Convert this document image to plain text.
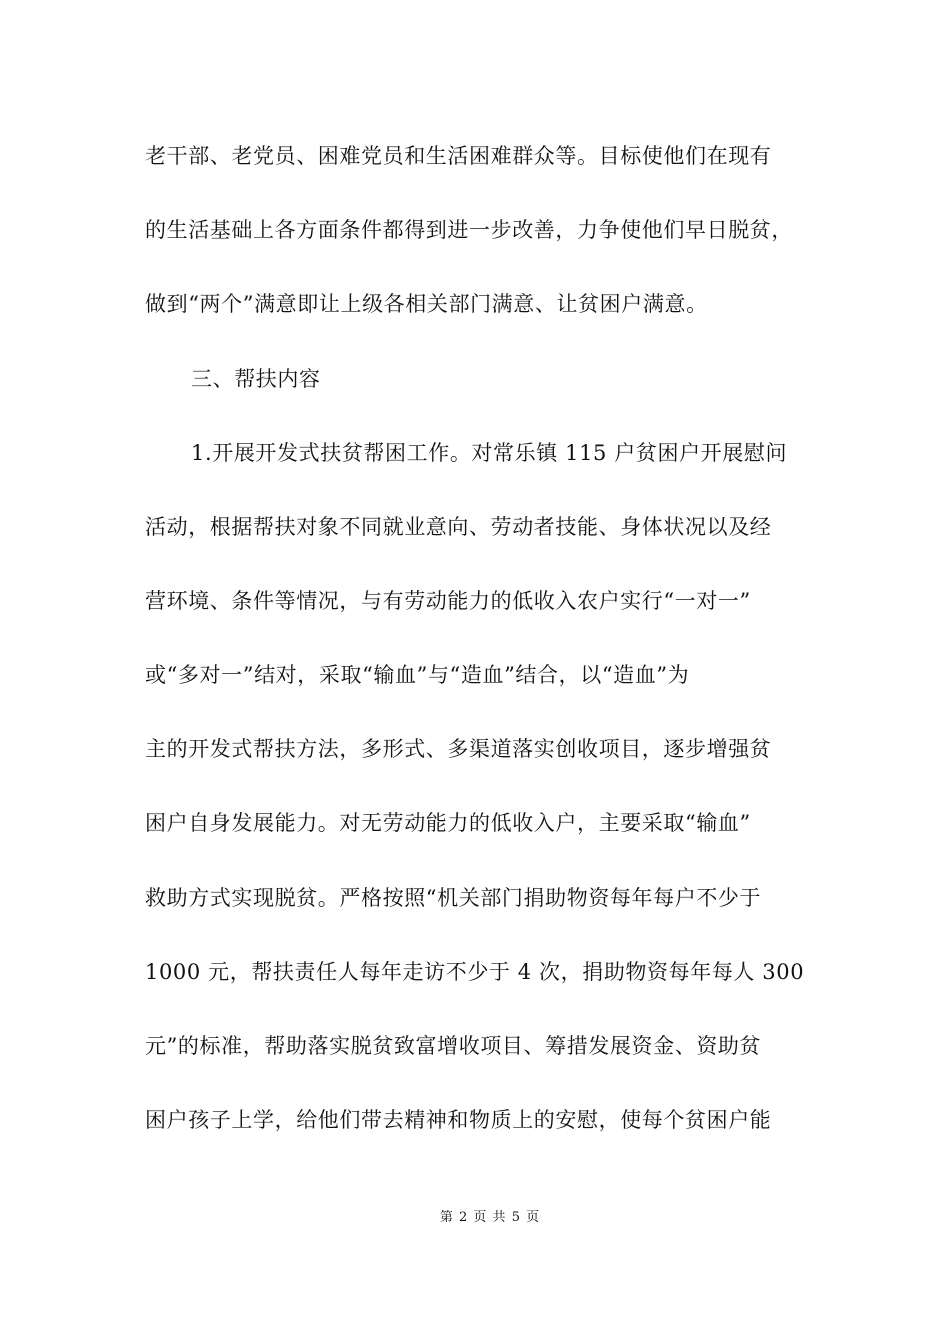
老干部、老党员、困难党员和生活困难群众等。目标使他们在现有
的生活基础上各方面条件都得到进一步改善，力争使他们早日脱贫，
做到“两个”满意即让上级各相关部门满意、让贫困户满意。
三、帮扶内容
1.开展开发式扶贫帮困工作。对常乐镇 115 户贫困户开展慰问
活动，根据帮扶对象不同就业意向、劳动者技能、身体状况以及经
营环境、条件等情况，与有劳动能力的低收入农户实行“一对一”
或“多对一”结对，采取“输血”与“造血”结合，以“造血”为
主的开发式帮扶方法，多形式、多渠道落实创收项目，逐步增强贫
困户自身发展能力。对无劳动能力的低收入户，主要采取“输血”
救助方式实现脱贫。严格按照“机关部门捐助物资每年每户不少于
1000 元，帮扶责任人每年走访不少于 4 次，捐助物资每年每人 300
元”的标准，帮助落实脱贫致富增收项目、筹措发展资金、资助贫
困户孩子上学，给他们带去精神和物质上的安慰，使每个贫困户能
第 2 页 共 5 页
